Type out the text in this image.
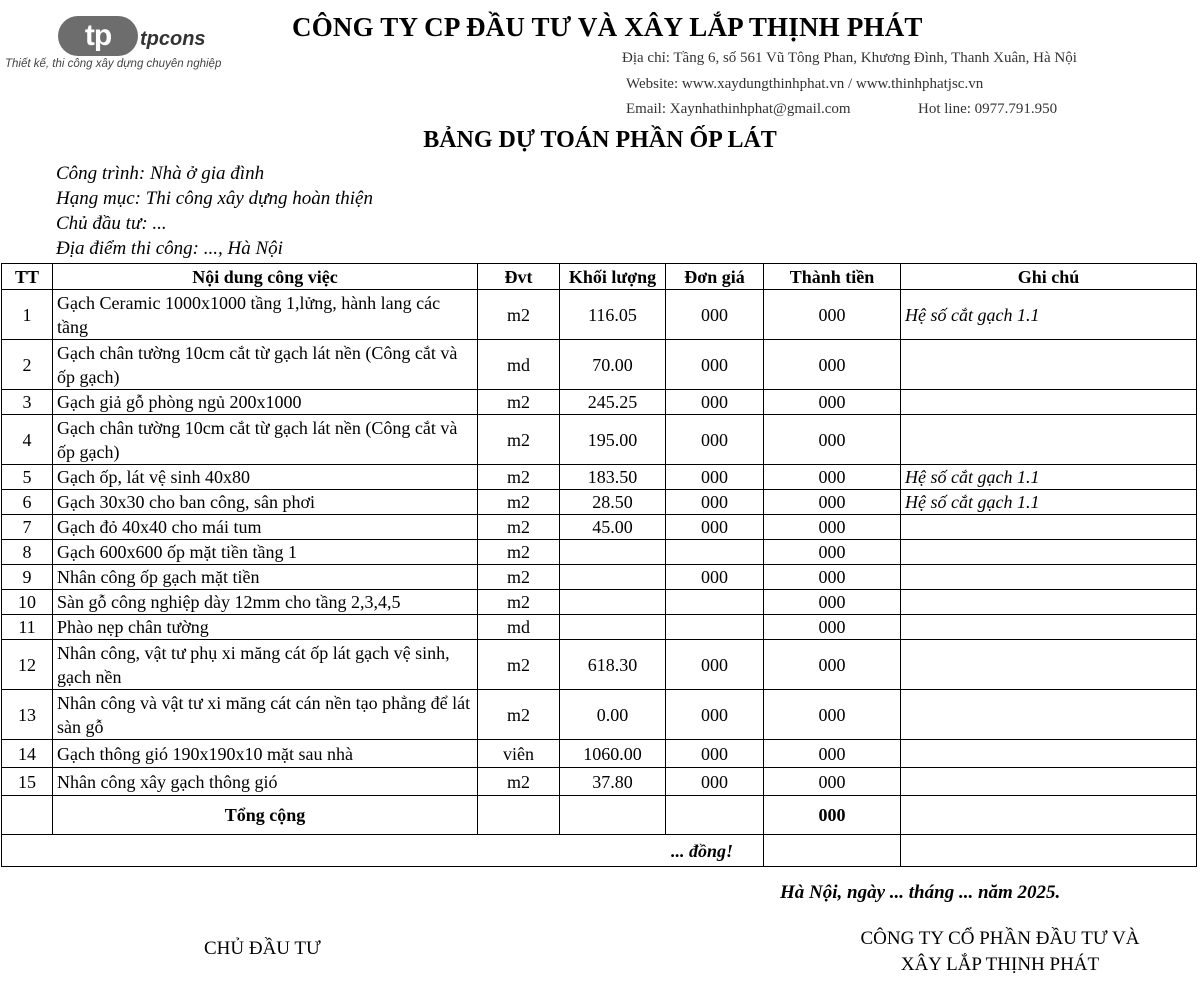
tp	tpcons
Thiết kế, thi công xây dựng chuyên nghiệp
CÔNG TY CP ĐẦU TƯ VÀ XÂY LẮP THỊNH PHÁT
Địa chỉ: Tầng 6, số 561 Vũ Tông Phan, Khương Đình, Thanh Xuân, Hà Nội
Website: www.xaydungthinhphat.vn / www.thinhphatjsc.vn
Email: Xaynhathinhphat@gmail.com	Hot line: 0977.791.950
BẢNG DỰ TOÁN PHẦN ỐP LÁT
Công trình: Nhà ở gia đình
Hạng mục: Thi công xây dựng hoàn thiện
Chủ đầu tư: ...
Địa điểm thi công: ..., Hà Nội
TT	Nội dung công việc	Đvt	Khối lượng	Đơn giá	Thành tiền	Ghi chú
1	Gạch Ceramic 1000x1000 tầng 1,lửng, hành lang các tầng	m2	116.05	000	000	Hệ số cắt gạch 1.1
2	Gạch chân tường 10cm cắt từ gạch lát nền (Công cắt và ốp gạch)	md	70.00	000	000	
3	Gạch giả gỗ phòng ngủ 200x1000	m2	245.25	000	000	
4	Gạch chân tường 10cm cắt từ gạch lát nền (Công cắt và ốp gạch)	m2	195.00	000	000	
5	Gạch ốp, lát vệ sinh 40x80	m2	183.50	000	000	Hệ số cắt gạch 1.1
6	Gạch 30x30 cho ban công, sân phơi	m2	28.50	000	000	Hệ số cắt gạch 1.1
7	Gạch đỏ 40x40 cho mái tum	m2	45.00	000	000	
8	Gạch 600x600 ốp mặt tiền tầng 1	m2			000	
9	Nhân công ốp gạch mặt tiền	m2		000	000	
10	Sàn gỗ công nghiệp dày 12mm cho tầng 2,3,4,5	m2			000	
11	Phào nẹp chân tường	md			000	
12	Nhân công, vật tư phụ xi măng cát ốp lát gạch vệ sinh, gạch nền	m2	618.30	000	000	
13	Nhân công và vật tư xi măng cát cán nền tạo phẳng để lát sàn gỗ	m2	0.00	000	000	
14	Gạch thông gió 190x190x10 mặt sau nhà	viên	1060.00	000	000	
15	Nhân công xây gạch thông gió	m2	37.80	000	000	
	Tổng cộng				000	
... đồng!						
Hà Nội, ngày ... tháng ... năm 2025.
CHỦ ĐẦU TƯ	CÔNG TY CỔ PHẦN ĐẦU TƯ VÀ
XÂY LẮP THỊNH PHÁT
